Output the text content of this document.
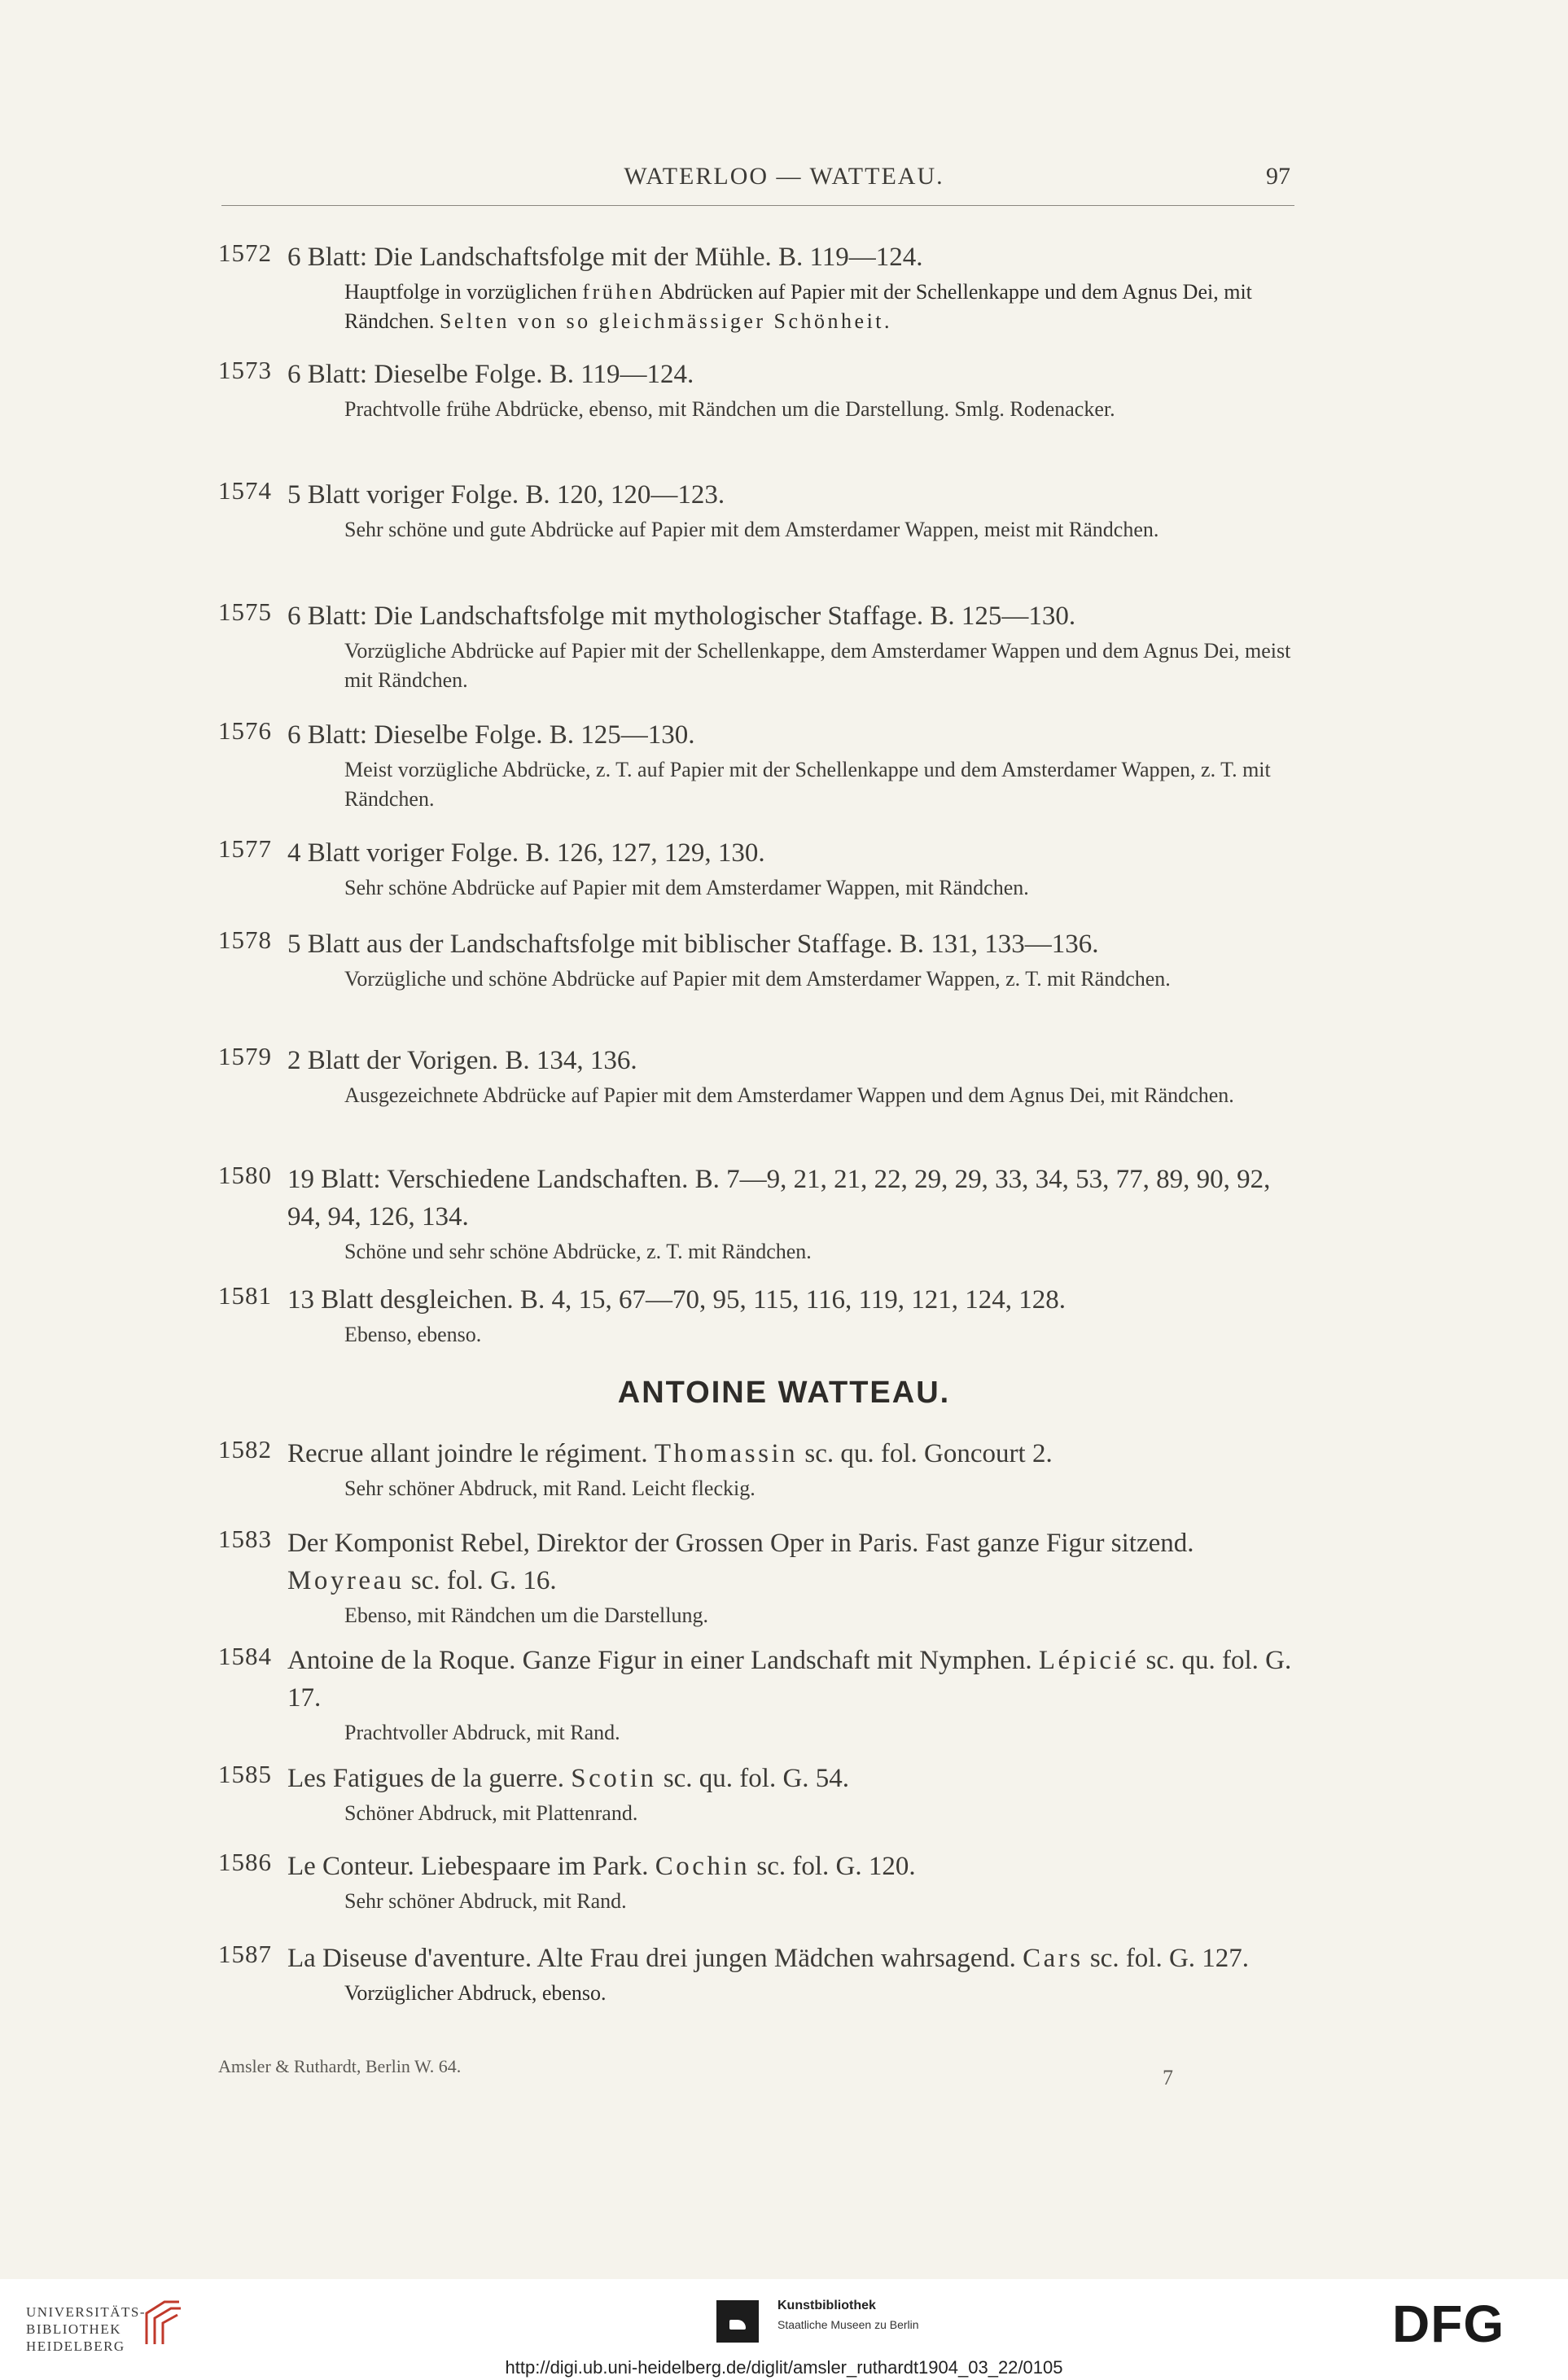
WATERLOO — WATTEAU.	97
1572 6 Blatt: Die Landschaftsfolge mit der Mühle. B. 119—124.
Hauptfolge in vorzüglichen frühen Abdrücken auf Papier mit der Schellenkappe und dem Agnus Dei, mit Rändchen. Selten von so gleichmässiger Schönheit.
1573 6 Blatt: Dieselbe Folge. B. 119—124.
Prachtvolle frühe Abdrücke, ebenso, mit Rändchen um die Darstellung. Smlg. Rodenacker.
1574 5 Blatt voriger Folge. B. 120, 120—123.
Sehr schöne und gute Abdrücke auf Papier mit dem Amsterdamer Wappen, meist mit Rändchen.
1575 6 Blatt: Die Landschaftsfolge mit mythologischer Staffage. B. 125—130.
Vorzügliche Abdrücke auf Papier mit der Schellenkappe, dem Amsterdamer Wappen und dem Agnus Dei, meist mit Rändchen.
1576 6 Blatt: Dieselbe Folge. B. 125—130.
Meist vorzügliche Abdrücke, z. T. auf Papier mit der Schellenkappe und dem Amsterdamer Wappen, z. T. mit Rändchen.
1577 4 Blatt voriger Folge. B. 126, 127, 129, 130.
Sehr schöne Abdrücke auf Papier mit dem Amsterdamer Wappen, mit Rändchen.
1578 5 Blatt aus der Landschaftsfolge mit biblischer Staffage. B. 131, 133—136.
Vorzügliche und schöne Abdrücke auf Papier mit dem Amsterdamer Wappen, z. T. mit Rändchen.
1579 2 Blatt der Vorigen. B. 134, 136.
Ausgezeichnete Abdrücke auf Papier mit dem Amsterdamer Wappen und dem Agnus Dei, mit Rändchen.
1580 19 Blatt: Verschiedene Landschaften. B. 7—9, 21, 21, 22, 29, 29, 33, 34, 53, 77, 89, 90, 92, 94, 94, 126, 134.
Schöne und sehr schöne Abdrücke, z. T. mit Rändchen.
1581 13 Blatt desgleichen. B. 4, 15, 67—70, 95, 115, 116, 119, 121, 124, 128.
Ebenso, ebenso.
ANTOINE WATTEAU.
1582 Recrue allant joindre le régiment. Thomassin sc. qu. fol. Goncourt 2.
Sehr schöner Abdruck, mit Rand. Leicht fleckig.
1583 Der Komponist Rebel, Direktor der Grossen Oper in Paris. Fast ganze Figur sitzend. Moyreau sc. fol. G. 16.
Ebenso, mit Rändchen um die Darstellung.
1584 Antoine de la Roque. Ganze Figur in einer Landschaft mit Nymphen. Lépicié sc. qu. fol. G. 17.
Prachtvoller Abdruck, mit Rand.
1585 Les Fatigues de la guerre. Scotin sc. qu. fol. G. 54.
Schöner Abdruck, mit Plattenrand.
1586 Le Conteur. Liebespaare im Park. Cochin sc. fol. G. 120.
Sehr schöner Abdruck, mit Rand.
1587 La Diseuse d'aventure. Alte Frau drei jungen Mädchen wahrsagend. Cars sc. fol. G. 127.
Vorzüglicher Abdruck, ebenso.
Amsler & Ruthardt, Berlin W. 64.	7
UNIVERSITÄTS-
BIBLIOTHEK
HEIDELBERG
Kunstbibliothek
Staatliche Museen zu Berlin	DFG
http://digi.ub.uni-heidelberg.de/diglit/amsler_ruthardt1904_03_22/0105
